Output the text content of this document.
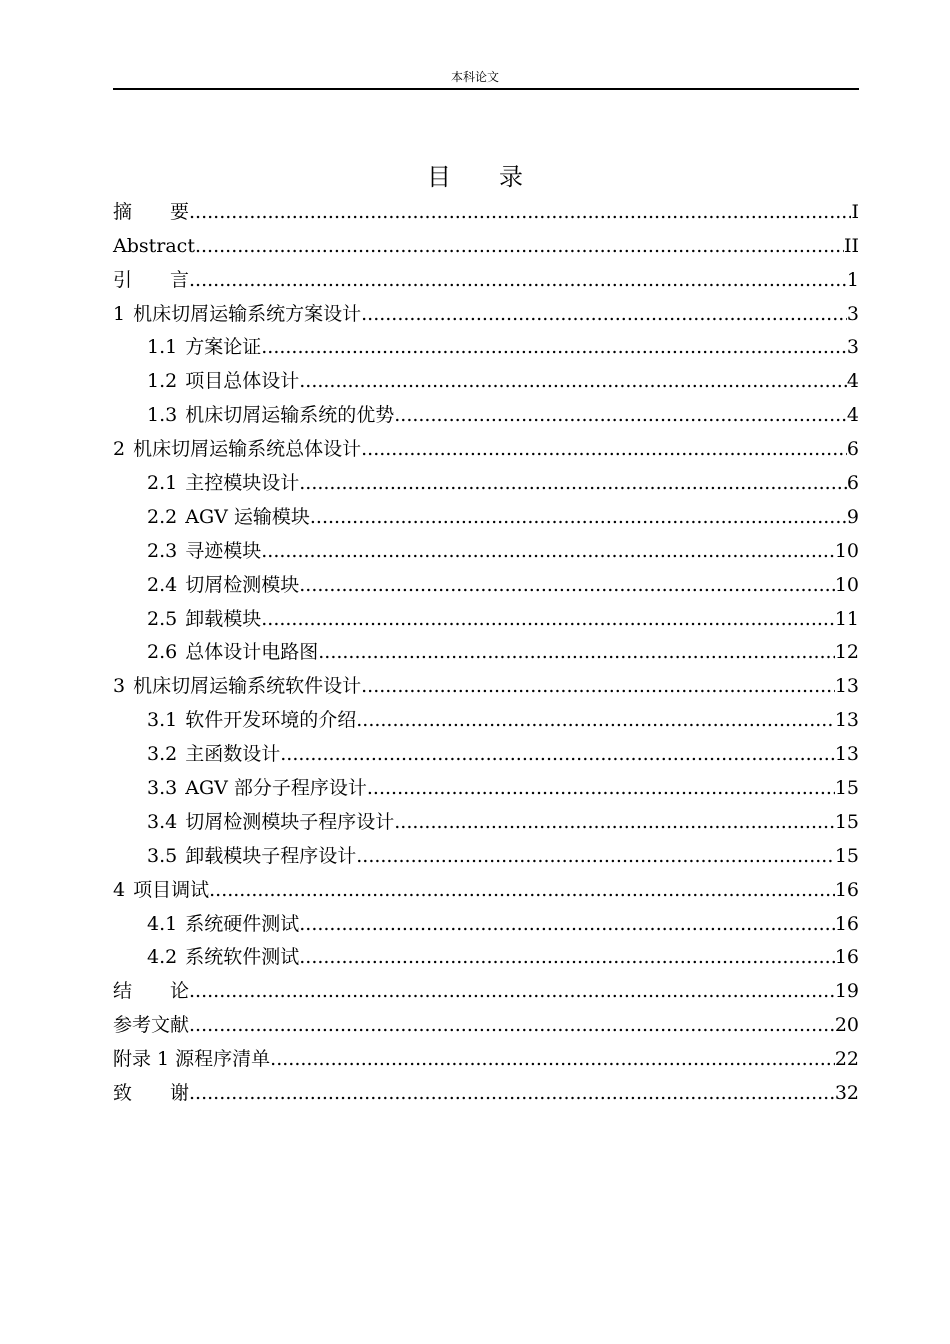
本科论文
目　　录
摘　　要 .....	I
Abstract .....	II
引　　言 .....	1
1 机床切屑运输系统方案设计 .....	3
1.1 方案论证 .....	3
1.2 项目总体设计 .....	4
1.3 机床切屑运输系统的优势 .....	4
2 机床切屑运输系统总体设计 .....	6
2.1 主控模块设计 .....	6
2.2 AGV 运输模块 .....	9
2.3 寻迹模块 .....	10
2.4 切屑检测模块 .....	10
2.5 卸载模块 .....	11
2.6 总体设计电路图 .....	12
3 机床切屑运输系统软件设计 .....	13
3.1 软件开发环境的介绍 .....	13
3.2 主函数设计 .....	13
3.3 AGV 部分子程序设计 .....	15
3.4 切屑检测模块子程序设计 .....	15
3.5 卸载模块子程序设计 .....	15
4 项目调试 .....	16
4.1 系统硬件测试 .....	16
4.2 系统软件测试 .....	16
结　　论 .....	19
参考文献 .....	20
附录 1 源程序清单 .....	22
致　　谢 .....	32
